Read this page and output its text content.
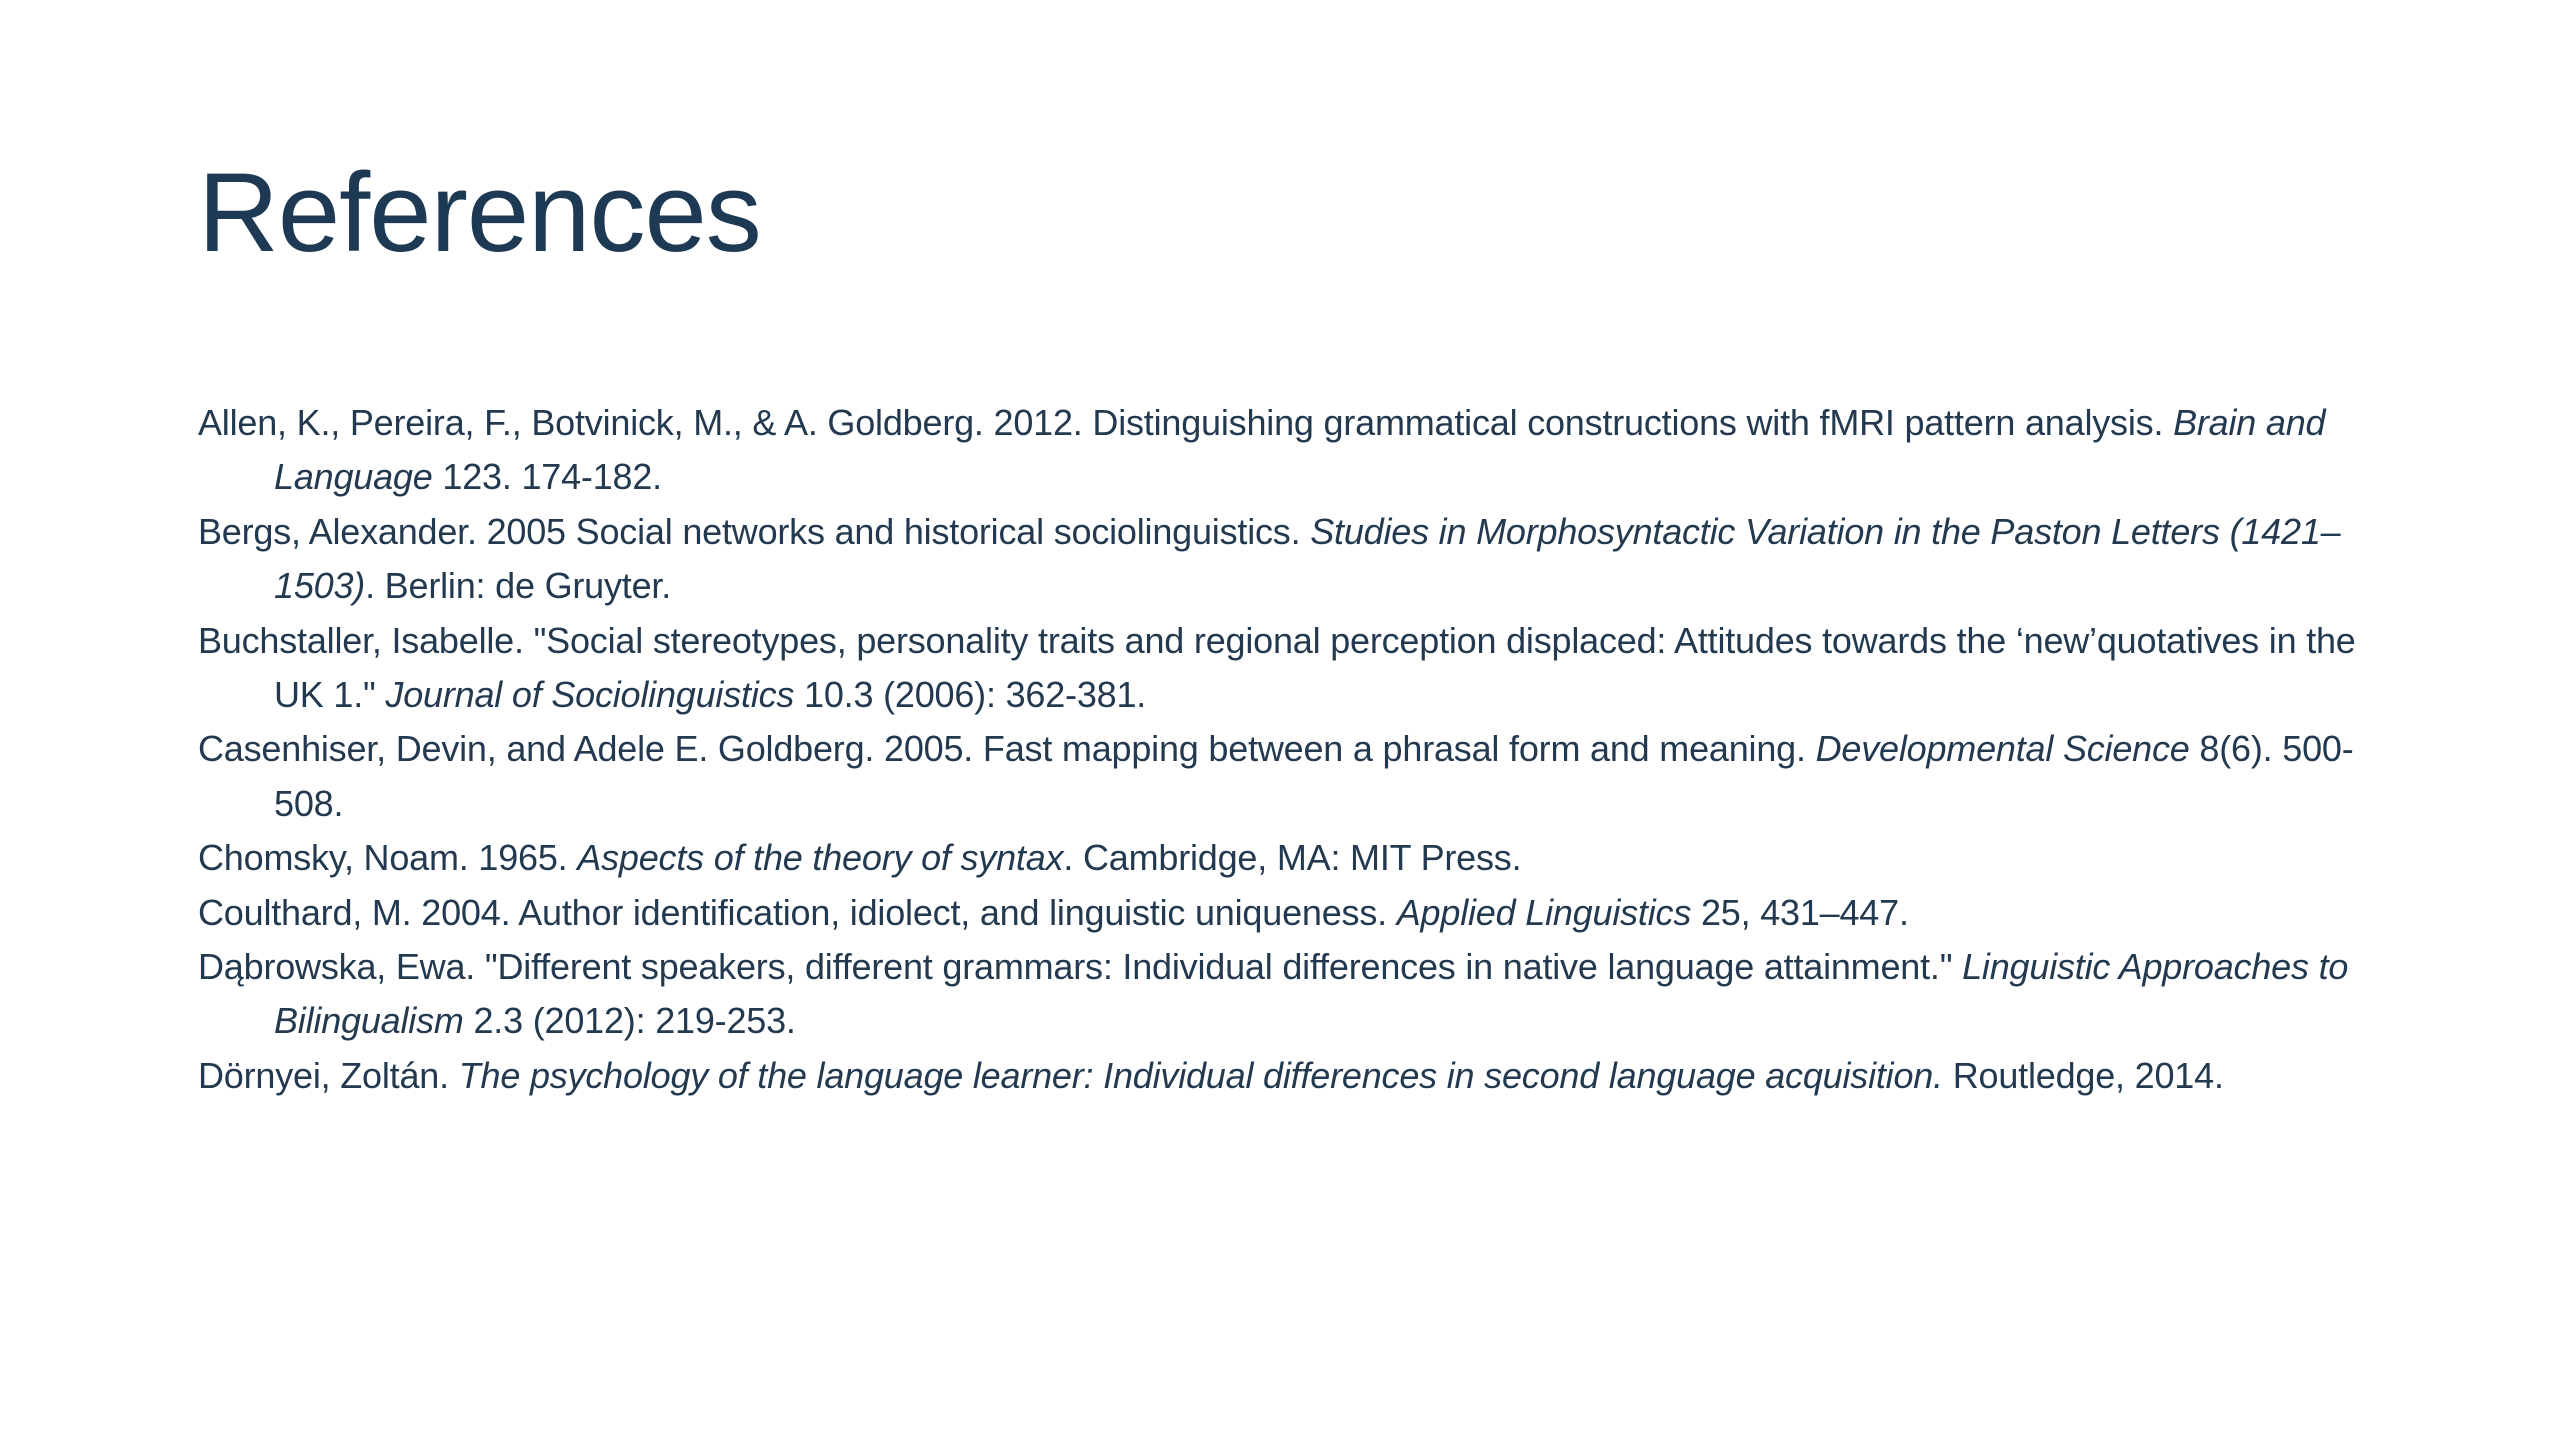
References
Allen, K., Pereira, F., Botvinick, M., & A. Goldberg. 2012. Distinguishing grammatical constructions with fMRI pattern analysis. Brain and Language 123. 174-182.
Bergs, Alexander. 2005 Social networks and historical sociolinguistics. Studies in Morphosyntactic Variation in the Paston Letters (1421–1503). Berlin: de Gruyter.
Buchstaller, Isabelle. "Social stereotypes, personality traits and regional perception displaced: Attitudes towards the ‘new’quotatives in the UK 1." Journal of Sociolinguistics 10.3 (2006): 362-381.
Casenhiser, Devin, and Adele E. Goldberg. 2005. Fast mapping between a phrasal form and meaning. Developmental Science 8(6). 500-508.
Chomsky, Noam. 1965. Aspects of the theory of syntax. Cambridge, MA: MIT Press.
Coulthard, M. 2004. Author identification, idiolect, and linguistic uniqueness. Applied Linguistics 25, 431–447.
Dąbrowska, Ewa. "Different speakers, different grammars: Individual differences in native language attainment." Linguistic Approaches to Bilingualism 2.3 (2012): 219-253.
Dörnyei, Zoltán. The psychology of the language learner: Individual differences in second language acquisition. Routledge, 2014.
